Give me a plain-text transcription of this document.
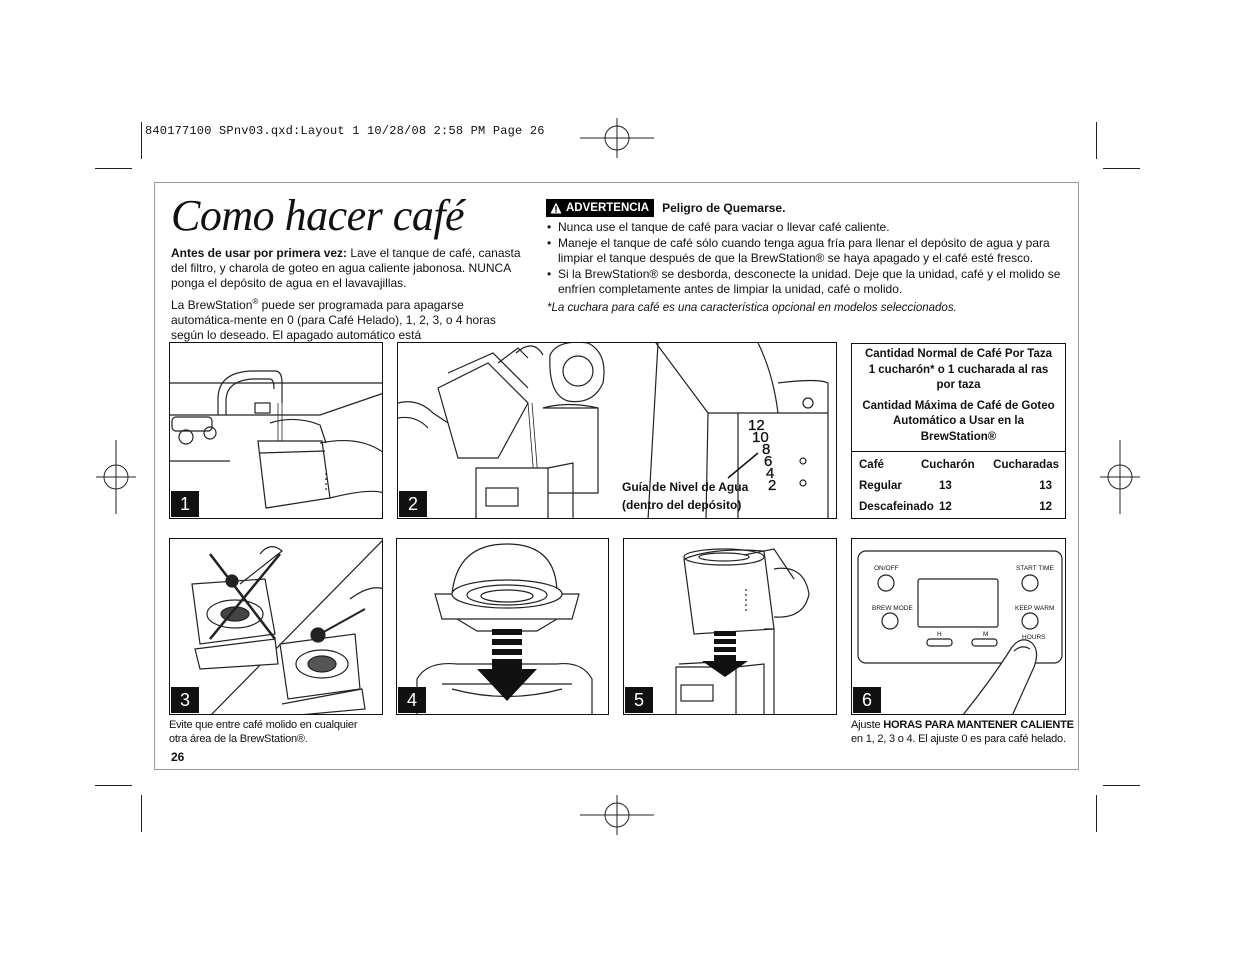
840177100 SPnv03.qxd:Layout 1 10/28/08 2:58 PM Page 26
Como hacer café
Antes de usar por primera vez: Lave el tanque de café, canasta del filtro, y charola de goteo en agua caliente jabonosa. NUNCA ponga el depósito de agua en el lavavajillas.
La BrewStation® puede ser programada para apagarse automática-mente en 0 (para Café Helado), 1, 2, 3, o 4 horas según lo deseado. El apagado automático está
ADVERTENCIA Peligro de Quemarse.
• Nunca use el tanque de café para vaciar o llevar café caliente.
• Maneje el tanque de café sólo cuando tenga agua fría para llenar el depósito de agua y para limpiar el tanque después de que la BrewStation® se haya apagado y el café esté fresco.
• Si la BrewStation® se desborda, desconecte la unidad. Deje que la unidad, café y el molido se enfríen completamente antes de limpiar la unidad, café o molido.
*La cuchara para café es una característica opcional en modelos seleccionados.
1
12
10
8
6
4
2
2
Guía de Nivel de Agua
(dentro del depósito)
Cantidad Normal de Café Por Taza
1 cucharón* o 1 cucharada al ras
por taza
Cantidad Máxima de Café de Goteo
Automático a Usar en la
BrewStation®
Café	Cucharón	Cucharadas
Regular	13	13
Descafeinado 12	12
3
Evite que entre café molido en cualquier
otra área de la BrewStation®.
4	5
ON/OFF	START TIME
BREW MODE	KEEP WARM
H	M	HOURS
6
Ajuste HORAS PARA MANTENER CALIENTE
en 1, 2, 3 o 4. El ajuste 0 es para café helado.
26
